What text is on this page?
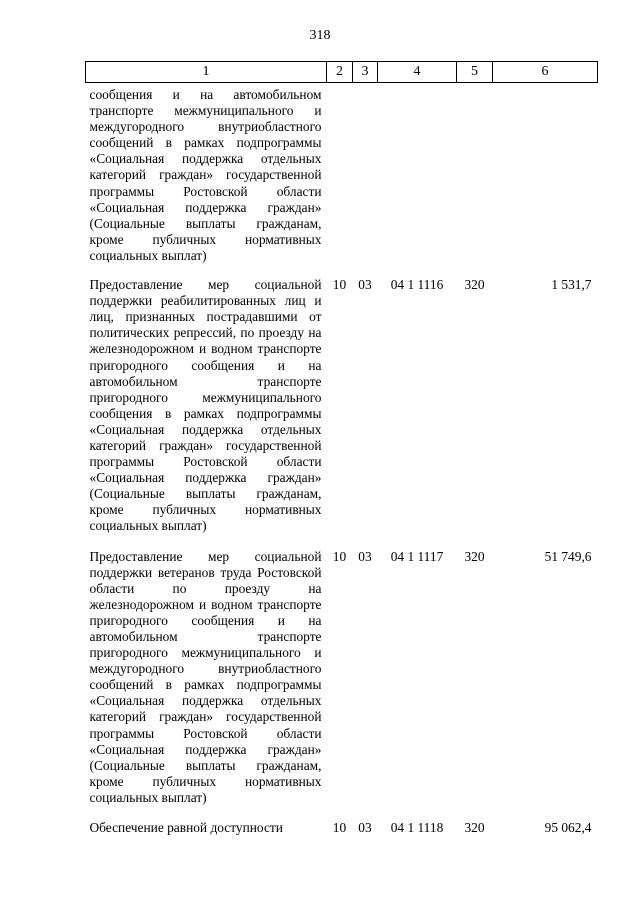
318
1	2	3	4	5	6
сообщения и на автомобильном транспорте межмуниципального и междугородного внутриобластного сообщений в рамках подпрограммы «Социальная поддержка отдельных категорий граждан» государственной программы Ростовской области «Социальная поддержка граждан» (Социальные выплаты гражданам, кроме публичных нормативных социальных выплат)					
Предоставление мер социальной поддержки реабилитированных лиц и лиц, признанных пострадавшими от политических репрессий, по проезду на железнодорожном и водном транспорте пригородного сообщения и на автомобильном транспорте пригородного межмуниципального сообщения в рамках подпрограммы «Социальная поддержка отдельных категорий граждан» государственной программы Ростовской области «Социальная поддержка граждан» (Социальные выплаты гражданам, кроме публичных нормативных социальных выплат)	10	03	04 1 1116	320	1 531,7
Предоставление мер социальной поддержки ветеранов труда Ростовской области по проезду на железнодорожном и водном транспорте пригородного сообщения и на автомобильном транспорте пригородного межмуниципального и междугородного внутриобластного сообщений в рамках подпрограммы «Социальная поддержка отдельных категорий граждан» государственной программы Ростовской области «Социальная поддержка граждан» (Социальные выплаты гражданам, кроме публичных нормативных социальных выплат)	10	03	04 1 1117	320	51 749,6
Обеспечение равной доступности	10	03	04 1 1118	320	95 062,4
